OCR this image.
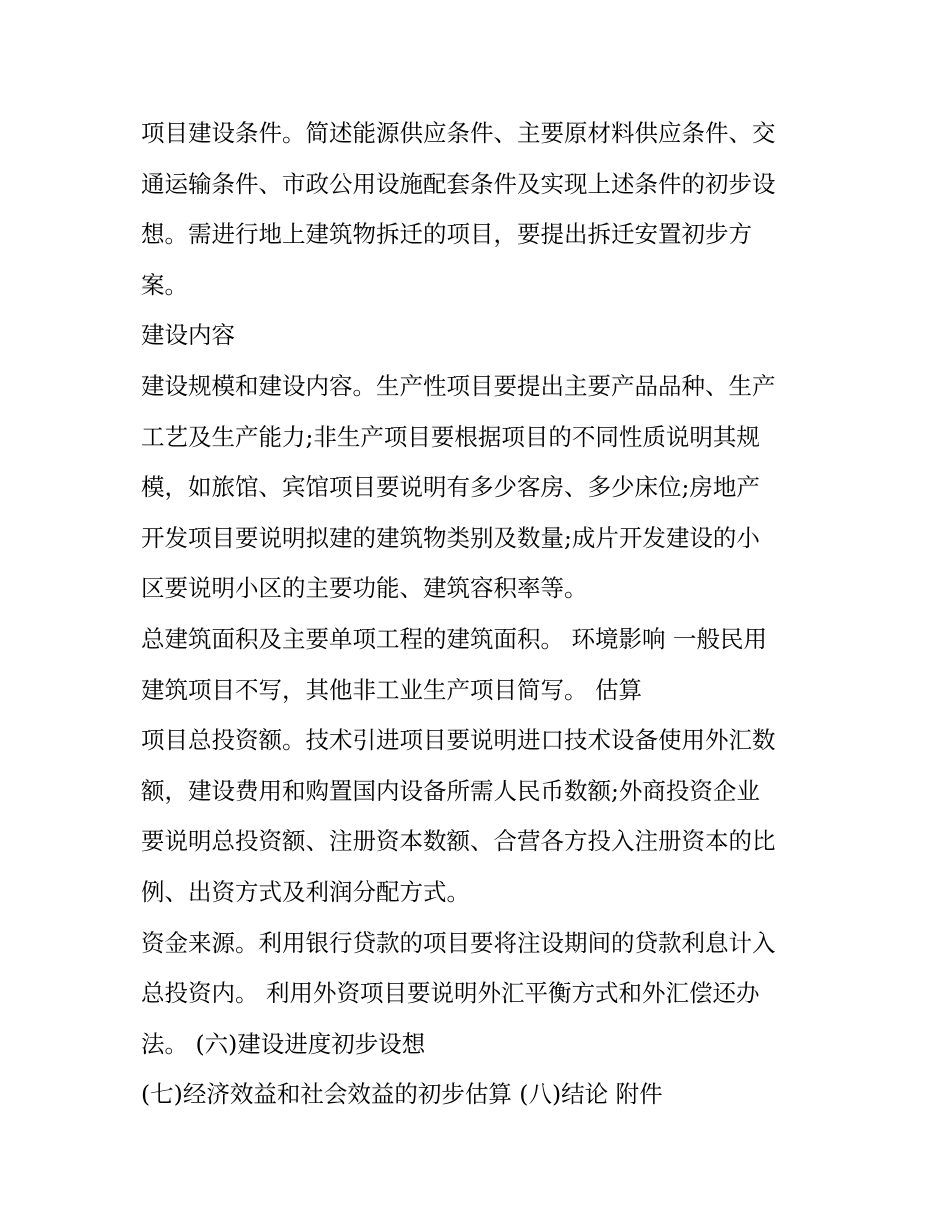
项目建设条件。简述能源供应条件、主要原材料供应条件、交
通运输条件、市政公用设施配套条件及实现上述条件的初步设
想。需进行地上建筑物拆迁的项目，要提出拆迁安置初步方
案。
建设内容
建设规模和建设内容。生产性项目要提出主要产品品种、生产
工艺及生产能力;非生产项目要根据项目的不同性质说明其规
模，如旅馆、宾馆项目要说明有多少客房、多少床位;房地产
开发项目要说明拟建的建筑物类别及数量;成片开发建设的小
区要说明小区的主要功能、建筑容积率等。
总建筑面积及主要单项工程的建筑面积。 环境影响 一般民用
建筑项目不写，其他非工业生产项目简写。 估算
项目总投资额。技术引进项目要说明进口技术设备使用外汇数
额，建设费用和购置国内设备所需人民币数额;外商投资企业
要说明总投资额、注册资本数额、合营各方投入注册资本的比
例、出资方式及利润分配方式。
资金来源。利用银行贷款的项目要将注设期间的贷款利息计入
总投资内。 利用外资项目要说明外汇平衡方式和外汇偿还办
法。 (六)建设进度初步设想
(七)经济效益和社会效益的初步估算 (八)结论 附件
